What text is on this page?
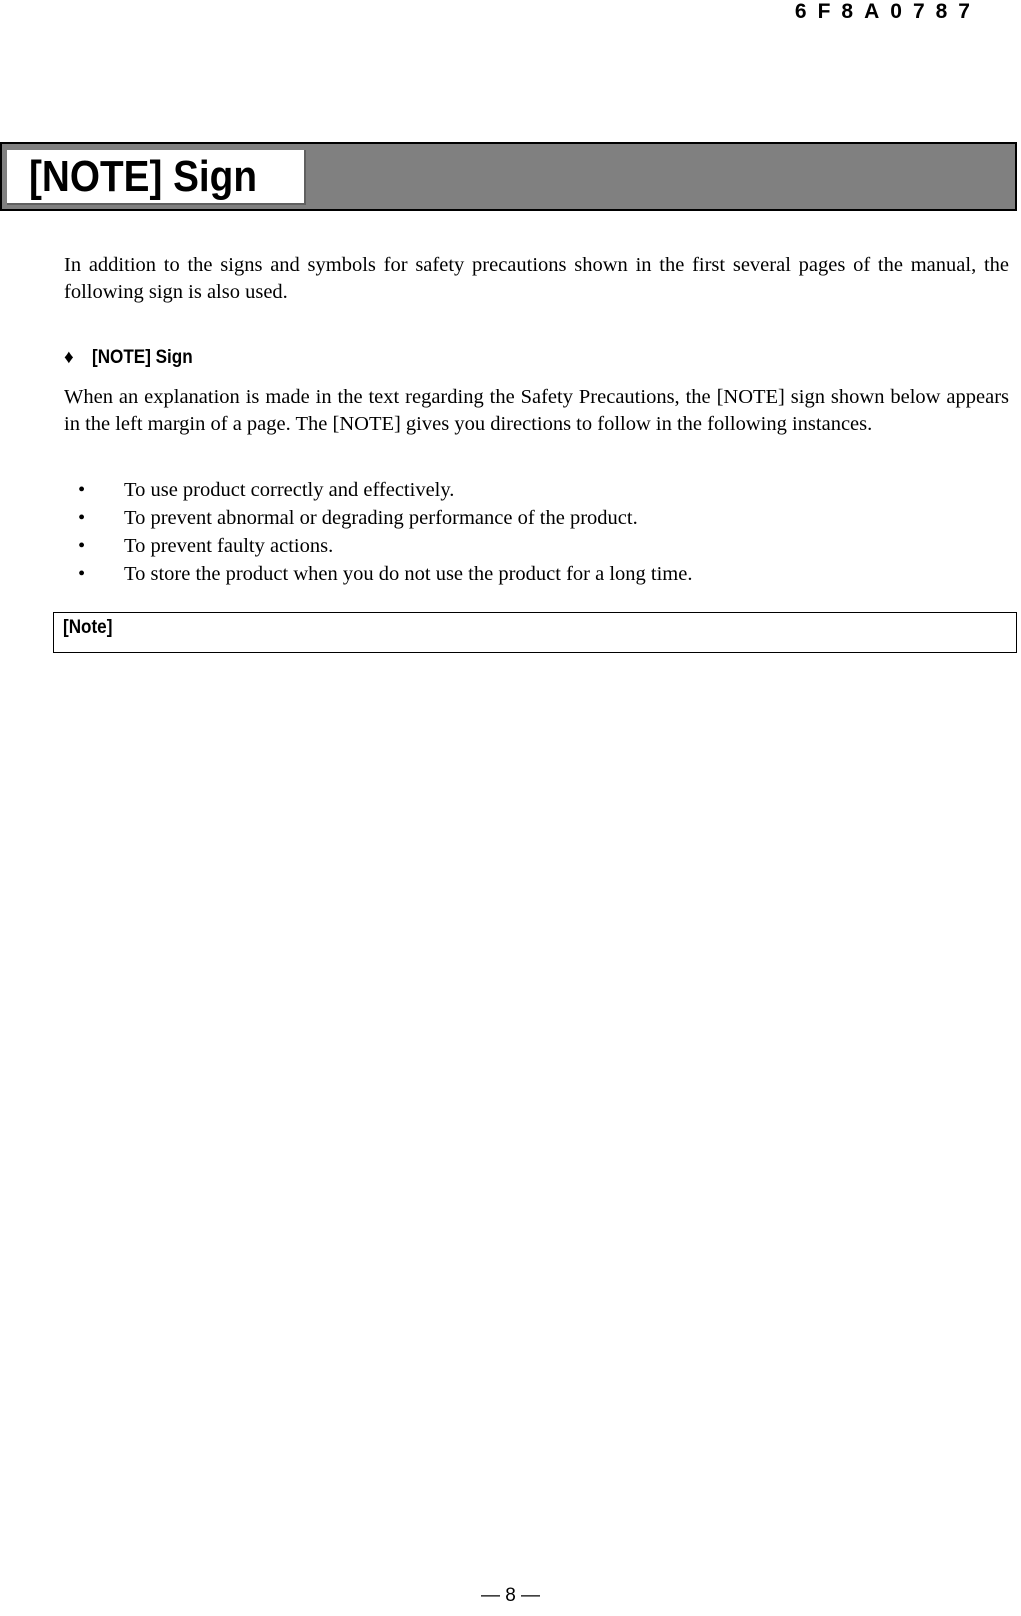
6F8A0787
[NOTE] Sign

In addition to the signs and symbols for safety precautions shown in the first several pages of the manual, the following sign is also used.

♦ [NOTE] Sign

When an explanation is made in the text regarding the Safety Precautions, the [NOTE] sign shown below appears in the left margin of a page. The [NOTE] gives you directions to follow in the following instances.

• To use product correctly and effectively.
• To prevent abnormal or degrading performance of the product.
• To prevent faulty actions.
• To store the product when you do not use the product for a long time.
[Note]
— 8 —
